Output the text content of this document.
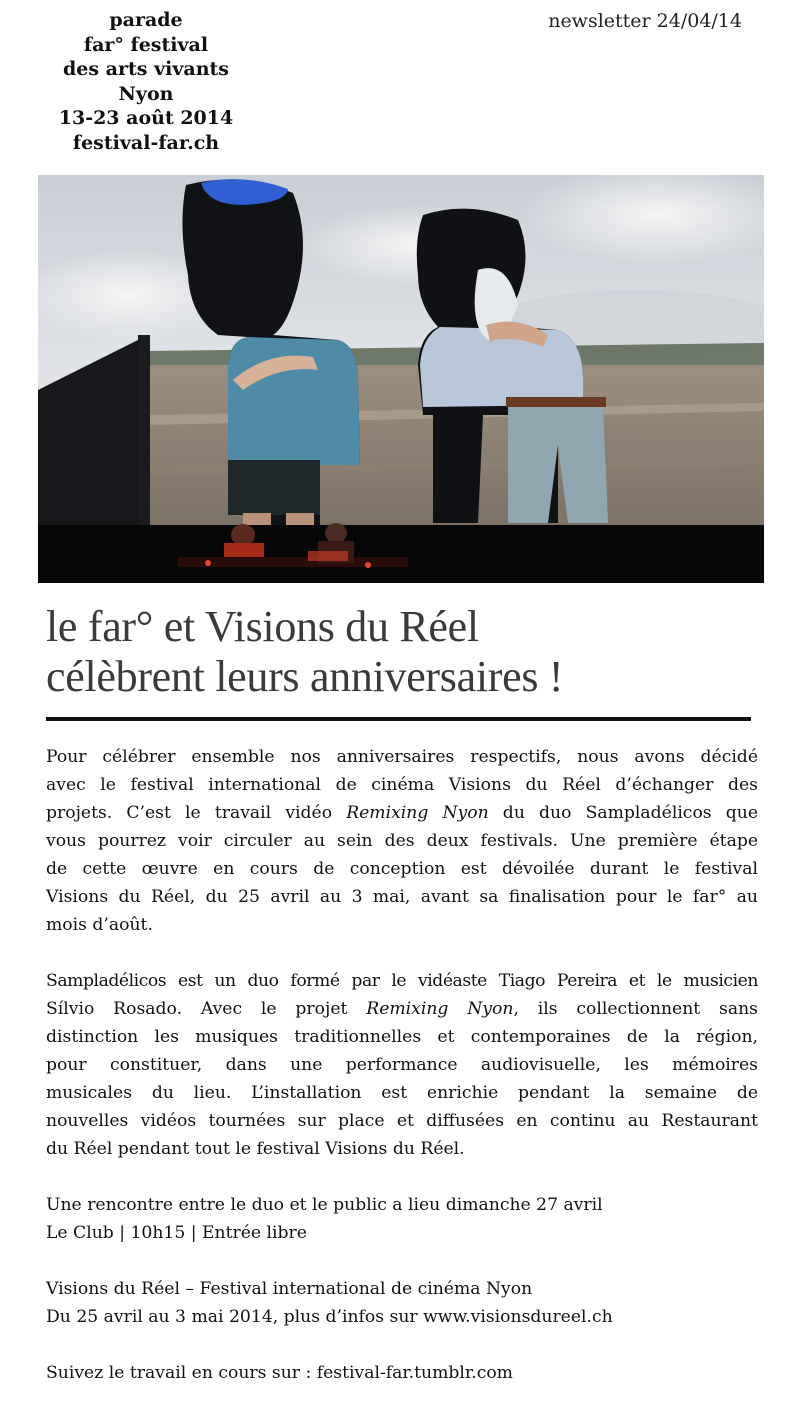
parade
far° festival
des arts vivants
Nyon
13-23 août 2014
festival-far.ch
newsletter 24/04/14
le far° et Visions du Réel
célèbrent leurs anniversaires !

Pour célébrer ensemble nos anniversaires respectifs, nous avons décidé
avec le festival international de cinéma Visions du Réel d’échanger des
projets. C’est le travail vidéo Remixing Nyon du duo Sampladélicos que
vous pourrez voir circuler au sein des deux festivals. Une première étape
de cette œuvre en cours de conception est dévoilée durant le festival
Visions du Réel, du 25 avril au 3 mai, avant sa finalisation pour le far° au
mois d’août.

Sampladélicos est un duo formé par le vidéaste Tiago Pereira et le musicien
Sílvio Rosado. Avec le projet Remixing Nyon, ils collectionnent sans
distinction les musiques traditionnelles et contemporaines de la région,
pour constituer, dans une performance audiovisuelle, les mémoires
musicales du lieu. L’installation est enrichie pendant la semaine de
nouvelles vidéos tournées sur place et diffusées en continu au Restaurant
du Réel pendant tout le festival Visions du Réel.

Une rencontre entre le duo et le public a lieu dimanche 27 avril
Le Club | 10h15 | Entrée libre

Visions du Réel – Festival international de cinéma Nyon
Du 25 avril au 3 mai 2014, plus d’infos sur www.visionsdureel.ch

Suivez le travail en cours sur : festival-far.tumblr.com
